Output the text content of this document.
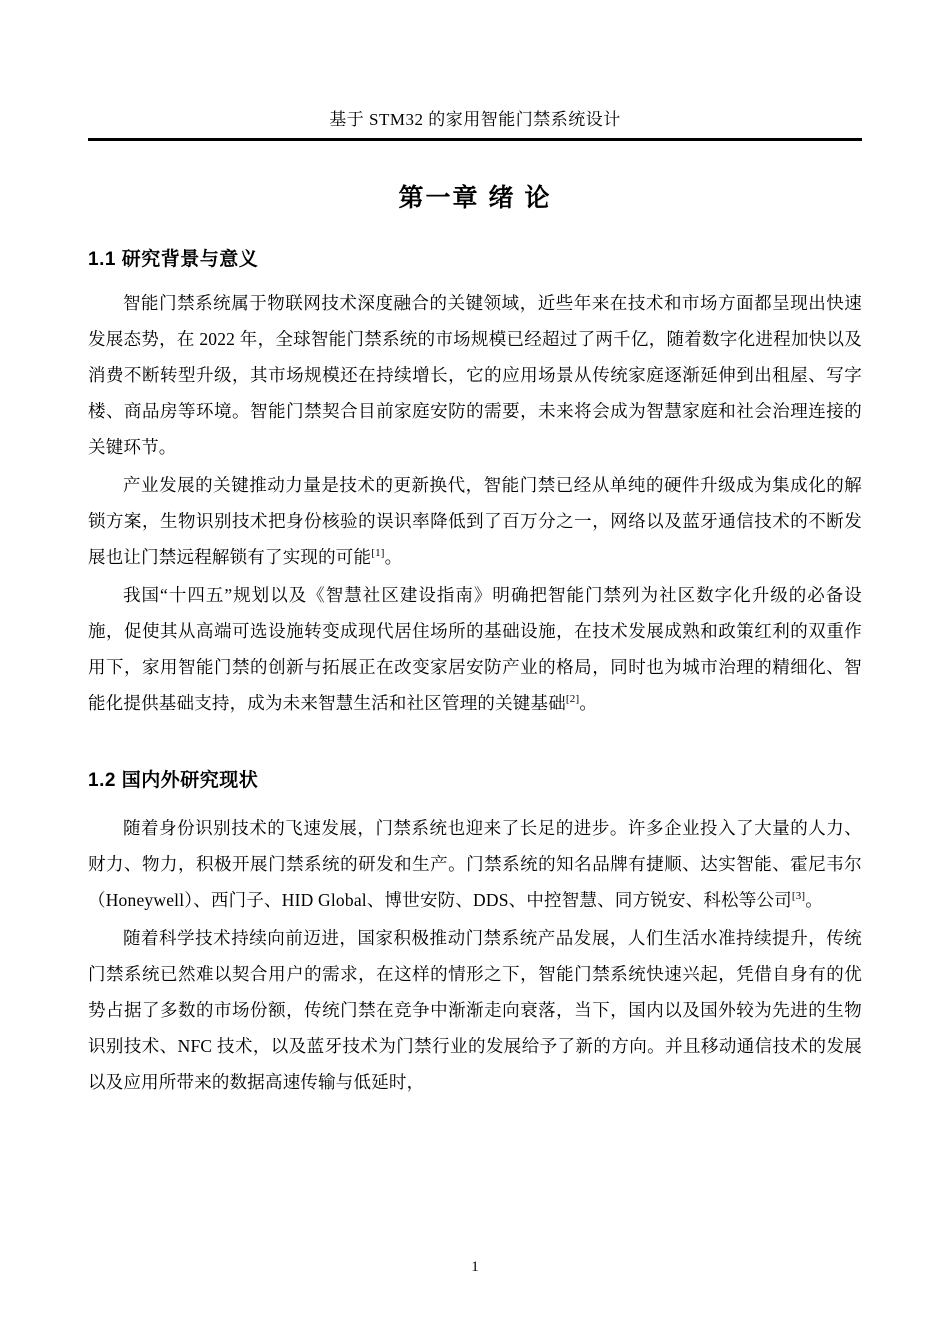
基于 STM32 的家用智能门禁系统设计
第一章 绪 论
1.1 研究背景与意义

智能门禁系统属于物联网技术深度融合的关键领域，近些年来在技术和市场方面都呈现出快速发展态势，在 2022 年，全球智能门禁系统的市场规模已经超过了两千亿，随着数字化进程加快以及消费不断转型升级，其市场规模还在持续增长，它的应用场景从传统家庭逐渐延伸到出租屋、写字楼、商品房等环境。智能门禁契合目前家庭安防的需要，未来将会成为智慧家庭和社会治理连接的关键环节。

产业发展的关键推动力量是技术的更新换代，智能门禁已经从单纯的硬件升级成为集成化的解锁方案，生物识别技术把身份核验的误识率降低到了百万分之一，网络以及蓝牙通信技术的不断发展也让门禁远程解锁有了实现的可能[1]。

我国“十四五”规划以及《智慧社区建设指南》明确把智能门禁列为社区数字化升级的必备设施，促使其从高端可选设施转变成现代居住场所的基础设施，在技术发展成熟和政策红利的双重作用下，家用智能门禁的创新与拓展正在改变家居安防产业的格局，同时也为城市治理的精细化、智能化提供基础支持，成为未来智慧生活和社区管理的关键基础[2]。

1.2 国内外研究现状

随着身份识别技术的飞速发展，门禁系统也迎来了长足的进步。许多企业投入了大量的人力、财力、物力，积极开展门禁系统的研发和生产。门禁系统的知名品牌有捷顺、达实智能、霍尼韦尔（Honeywell）、西门子、HID Global、博世安防、DDS、中控智慧、同方锐安、科松等公司[3]。

随着科学技术持续向前迈进，国家积极推动门禁系统产品发展，人们生活水准持续提升，传统门禁系统已然难以契合用户的需求，在这样的情形之下，智能门禁系统快速兴起，凭借自身有的优势占据了多数的市场份额，传统门禁在竞争中渐渐走向衰落，当下，国内以及国外较为先进的生物识别技术、NFC 技术，以及蓝牙技术为门禁行业的发展给予了新的方向。并且移动通信技术的发展以及应用所带来的数据高速传输与低延时，

1
